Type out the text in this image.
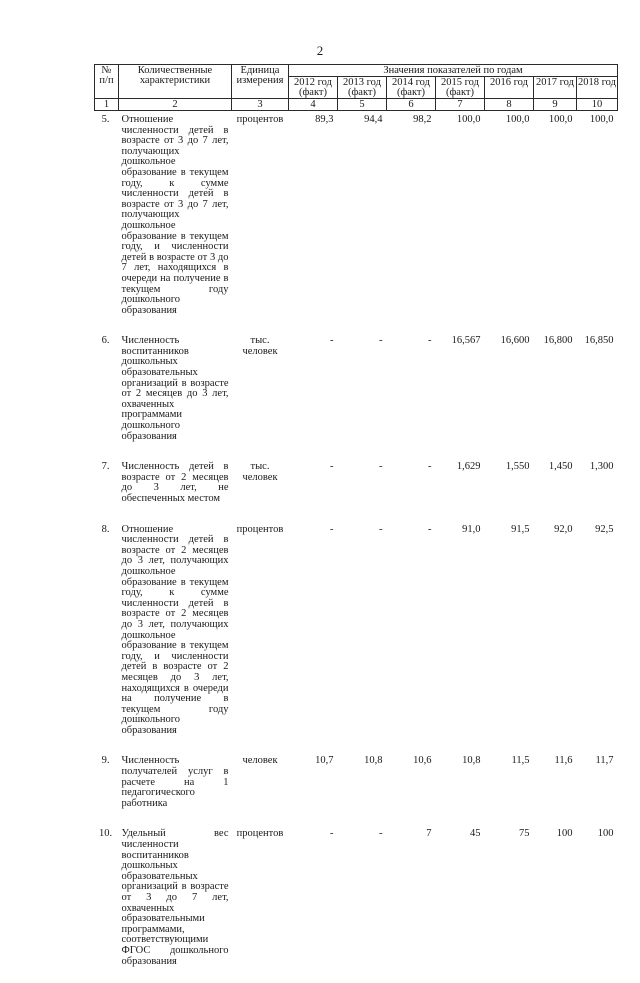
2
№ п/п	Количественные характеристики	Единица измерения	Значения показателей по годам						
			2012 год (факт)	2013 год (факт)	2014 год (факт)	2015 год (факт)	2016 год	2017 год	2018 год
1	2	3	4	5	6	7	8	9	10
5.	Отношение численности детей в возрасте от 3 до 7 лет, получающих дошкольное образование в текущем году, к сумме численности детей в возрасте от 3 до 7 лет, получающих дошкольное образование в текущем году, и численности детей в возрасте от 3 до 7 лет, находящихся в очереди на получение в текущем году дошкольного образования	процентов	89,3	94,4	98,2	100,0	100,0	100,0	100,0
6.	Численность воспитанников дошкольных образовательных организаций в возрасте от 2 месяцев до 3 лет, охваченных программами дошкольного образования	тыс. человек	-	-	-	16,567	16,600	16,800	16,850
7.	Численность детей в возрасте от 2 месяцев до 3 лет, не обеспеченных местом	тыс. человек	-	-	-	1,629	1,550	1,450	1,300
8.	Отношение численности детей в возрасте от 2 месяцев до 3 лет, получающих дошкольное образование в текущем году, к сумме численности детей в возрасте от 2 месяцев до 3 лет, получающих дошкольное образование в текущем году, и численности детей в возрасте от 2 месяцев до 3 лет, находящихся в очереди на получение в текущем году дошкольного образования	процентов	-	-	-	91,0	91,5	92,0	92,5
9.	Численность получателей услуг в расчете на 1 педагогического работника	человек	10,7	10,8	10,6	10,8	11,5	11,6	11,7
10.	Удельный вес численности воспитанников дошкольных образовательных организаций в возрасте от 3 до 7 лет, охваченных образовательными программами, соответствующими ФГОС дошкольного образования	процентов	-	-	7	45	75	100	100
